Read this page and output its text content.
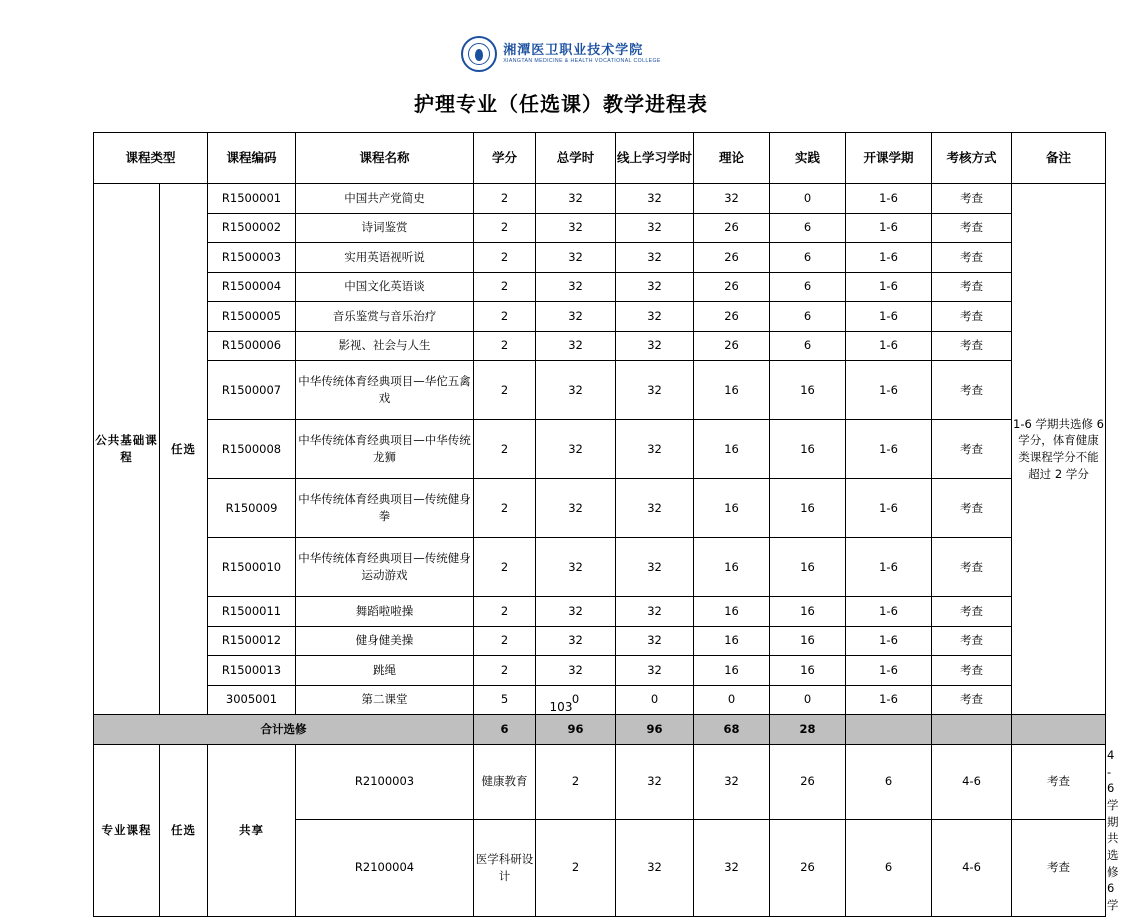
湘潭医卫职业技术学院
XIANGTAN MEDICINE & HEALTH VOCATIONAL COLLEGE
护理专业（任选课）教学进程表
课程类型		课程编码	课程名称	学分	总学时	线上学习学时	理论	实践	开课学期	考核方式	备注	
公共基础课程	任选	R1500001	中国共产党简史	2	32	32	32	0	1-6	考查	1-6 学期共选修 6 学分，体育健康类课程学分不能超过 2 学分	
		R1500002	诗词鉴赏	2	32	32	26	6	1-6	考查		
		R1500003	实用英语视听说	2	32	32	26	6	1-6	考查		
		R1500004	中国文化英语谈	2	32	32	26	6	1-6	考查		
		R1500005	音乐鉴赏与音乐治疗	2	32	32	26	6	1-6	考查		
		R1500006	影视、社会与人生	2	32	32	26	6	1-6	考查		
		R1500007	中华传统体育经典项目—华佗五禽戏	2	32	32	16	16	1-6	考查		
		R1500008	中华传统体育经典项目—中华传统龙狮	2	32	32	16	16	1-6	考查		
		R150009	中华传统体育经典项目—传统健身拳	2	32	32	16	16	1-6	考查		
		R1500010	中华传统体育经典项目—传统健身运动游戏	2	32	32	16	16	1-6	考查		
		R1500011	舞蹈啦啦操	2	32	32	16	16	1-6	考查		
		R1500012	健身健美操	2	32	32	16	16	1-6	考查		
		R1500013	跳绳	2	32	32	16	16	1-6	考查		
		3005001	第二课堂	5	0	0	0	0	1-6	考查		
合计选修				6	96	96	68	28				
专业课程	任选	共享	R2100003	健康教育	2	32	32	26	6	4-6	考查	4-6 学期共选修 6 学
			R2100004	医学科研设计	2	32	32	26	6	4-6	考查	
103
